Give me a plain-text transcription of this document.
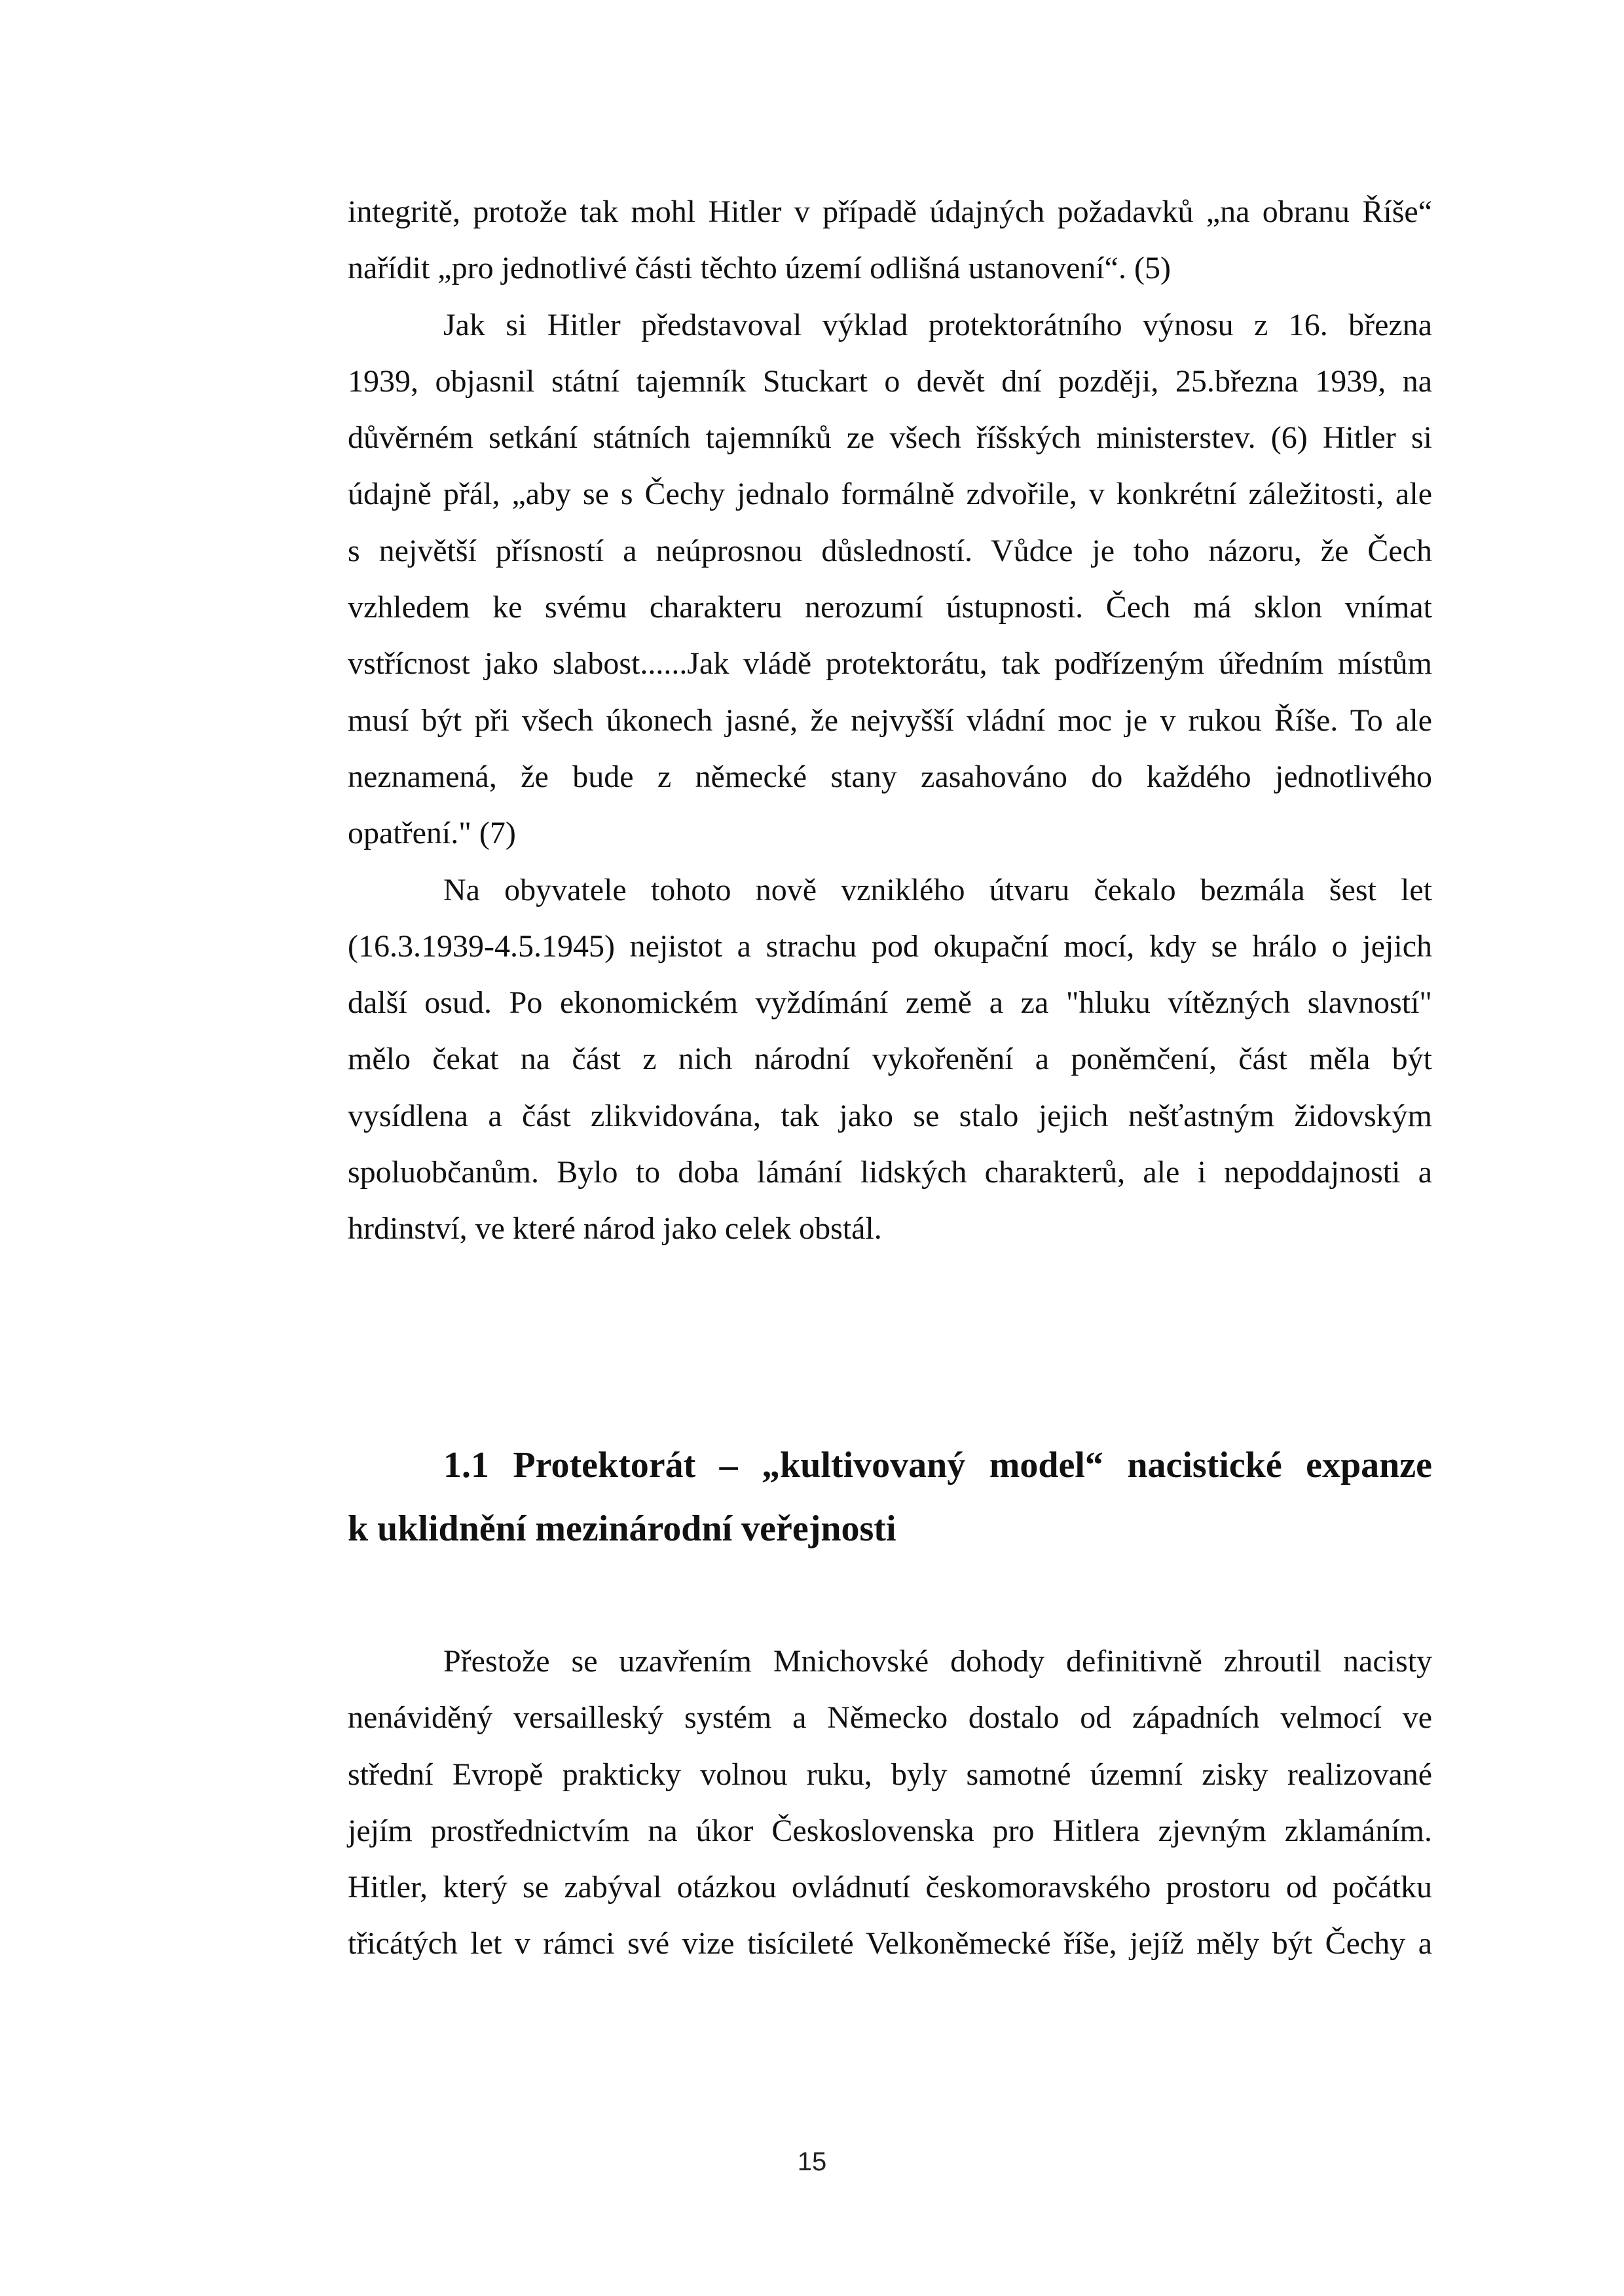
integritě, protože tak mohl Hitler v případě údajných požadavků „na obranu Říše“
nařídit „pro jednotlivé části těchto území odlišná ustanovení“. (5)
Jak si Hitler představoval výklad protektorátního výnosu z 16. března
1939, objasnil státní tajemník Stuckart o devět dní později, 25.března 1939, na
důvěrném setkání státních tajemníků ze všech říšských ministerstev. (6) Hitler si
údajně přál, „aby se s Čechy jednalo formálně zdvořile, v konkrétní záležitosti, ale
s největší přísností a neúprosnou důsledností. Vůdce je toho názoru, že Čech
vzhledem ke svému charakteru nerozumí ústupnosti. Čech má sklon vnímat
vstřícnost jako slabost......Jak vládě protektorátu, tak podřízeným úředním místům
musí být při všech úkonech jasné, že nejvyšší vládní moc je v rukou Říše. To ale
neznamená, že bude z německé stany zasahováno do každého jednotlivého
opatření." (7)
Na obyvatele tohoto nově vzniklého útvaru čekalo bezmála šest let
(16.3.1939-4.5.1945) nejistot a strachu pod okupační mocí, kdy se hrálo o jejich
další osud. Po ekonomickém vyždímání země a za "hluku vítězných slavností"
mělo čekat na část z nich národní vykořenění a poněmčení, část měla být
vysídlena a část zlikvidována, tak jako se stalo jejich nešťastným židovským
spoluobčanům. Bylo to doba lámání lidských charakterů, ale i nepoddajnosti a
hrdinství, ve které národ jako celek obstál.
1.1 Protektorát – „kultivovaný model“ nacistické expanze
k uklidnění mezinárodní veřejnosti
Přestože se uzavřením Mnichovské dohody definitivně zhroutil nacisty
nenáviděný versailleský systém a Německo dostalo od západních velmocí ve
střední Evropě prakticky volnou ruku, byly samotné územní zisky realizované
jejím prostřednictvím na úkor Československa pro Hitlera zjevným zklamáním.
Hitler, který se zabýval otázkou ovládnutí českomoravského prostoru od počátku
třicátých let v rámci své vize tisícileté Velkoněmecké říše, jejíž měly být Čechy a
15
